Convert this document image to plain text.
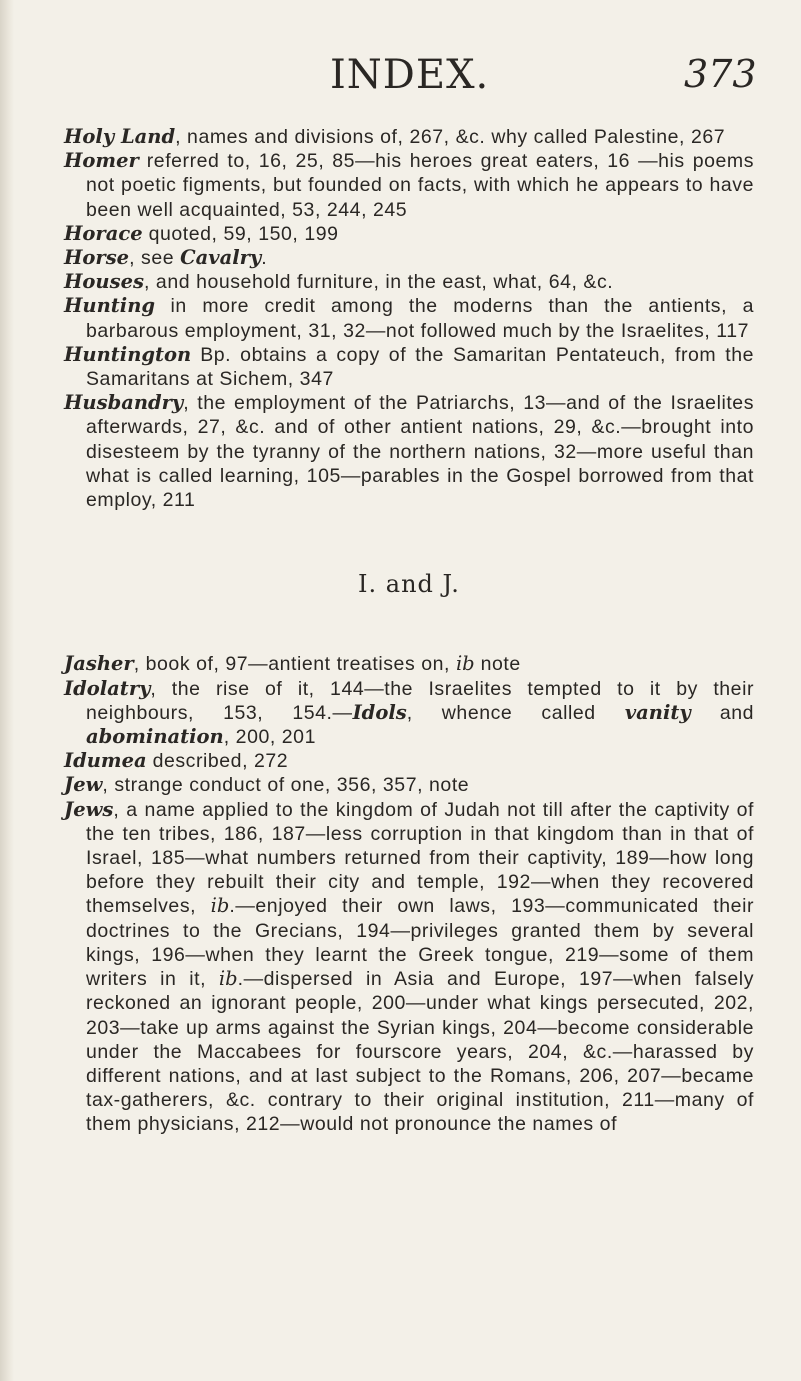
INDEX.	373

Holy Land, names and divisions of, 267, &c. why called Palestine, 267

Homer referred to, 16, 25, 85—his heroes great eaters, 16 —his poems not poetic figments, but founded on facts, with which he appears to have been well acquainted, 53, 244, 245

Horace quoted, 59, 150, 199

Horse, see Cavalry.

Houses, and household furniture, in the east, what, 64, &c.

Hunting in more credit among the moderns than the antients, a barbarous employment, 31, 32—not followed much by the Israelites, 117

Huntington Bp. obtains a copy of the Samaritan Pentateuch, from the Samaritans at Sichem, 347

Husbandry, the employment of the Patriarchs, 13—and of the Israelites afterwards, 27, &c. and of other antient nations, 29, &c.—brought into disesteem by the tyranny of the northern nations, 32—more useful than what is called learning, 105—parables in the Gospel borrowed from that employ, 211

I. and J.

Jasher, book of, 97—antient treatises on, ib note

Idolatry, the rise of it, 144—the Israelites tempted to it by their neighbours, 153, 154.—Idols, whence called vanity and abomination, 200, 201

Idumea described, 272

Jew, strange conduct of one, 356, 357, note

Jews, a name applied to the kingdom of Judah not till after the captivity of the ten tribes, 186, 187—less corruption in that kingdom than in that of Israel, 185—what numbers returned from their captivity, 189—how long before they rebuilt their city and temple, 192—when they recovered themselves, ib.—enjoyed their own laws, 193—communicated their doctrines to the Grecians, 194—privileges granted them by several kings, 196—when they learnt the Greek tongue, 219—some of them writers in it, ib.—dispersed in Asia and Europe, 197—when falsely reckoned an ignorant people, 200—under what kings persecuted, 202, 203—take up arms against the Syrian kings, 204—become considerable under the Maccabees for fourscore years, 204, &c.—harassed by different nations, and at last subject to the Romans, 206, 207—became tax-gatherers, &c. contrary to their original institution, 211—many of them physicians, 212—would not pronounce the names of
